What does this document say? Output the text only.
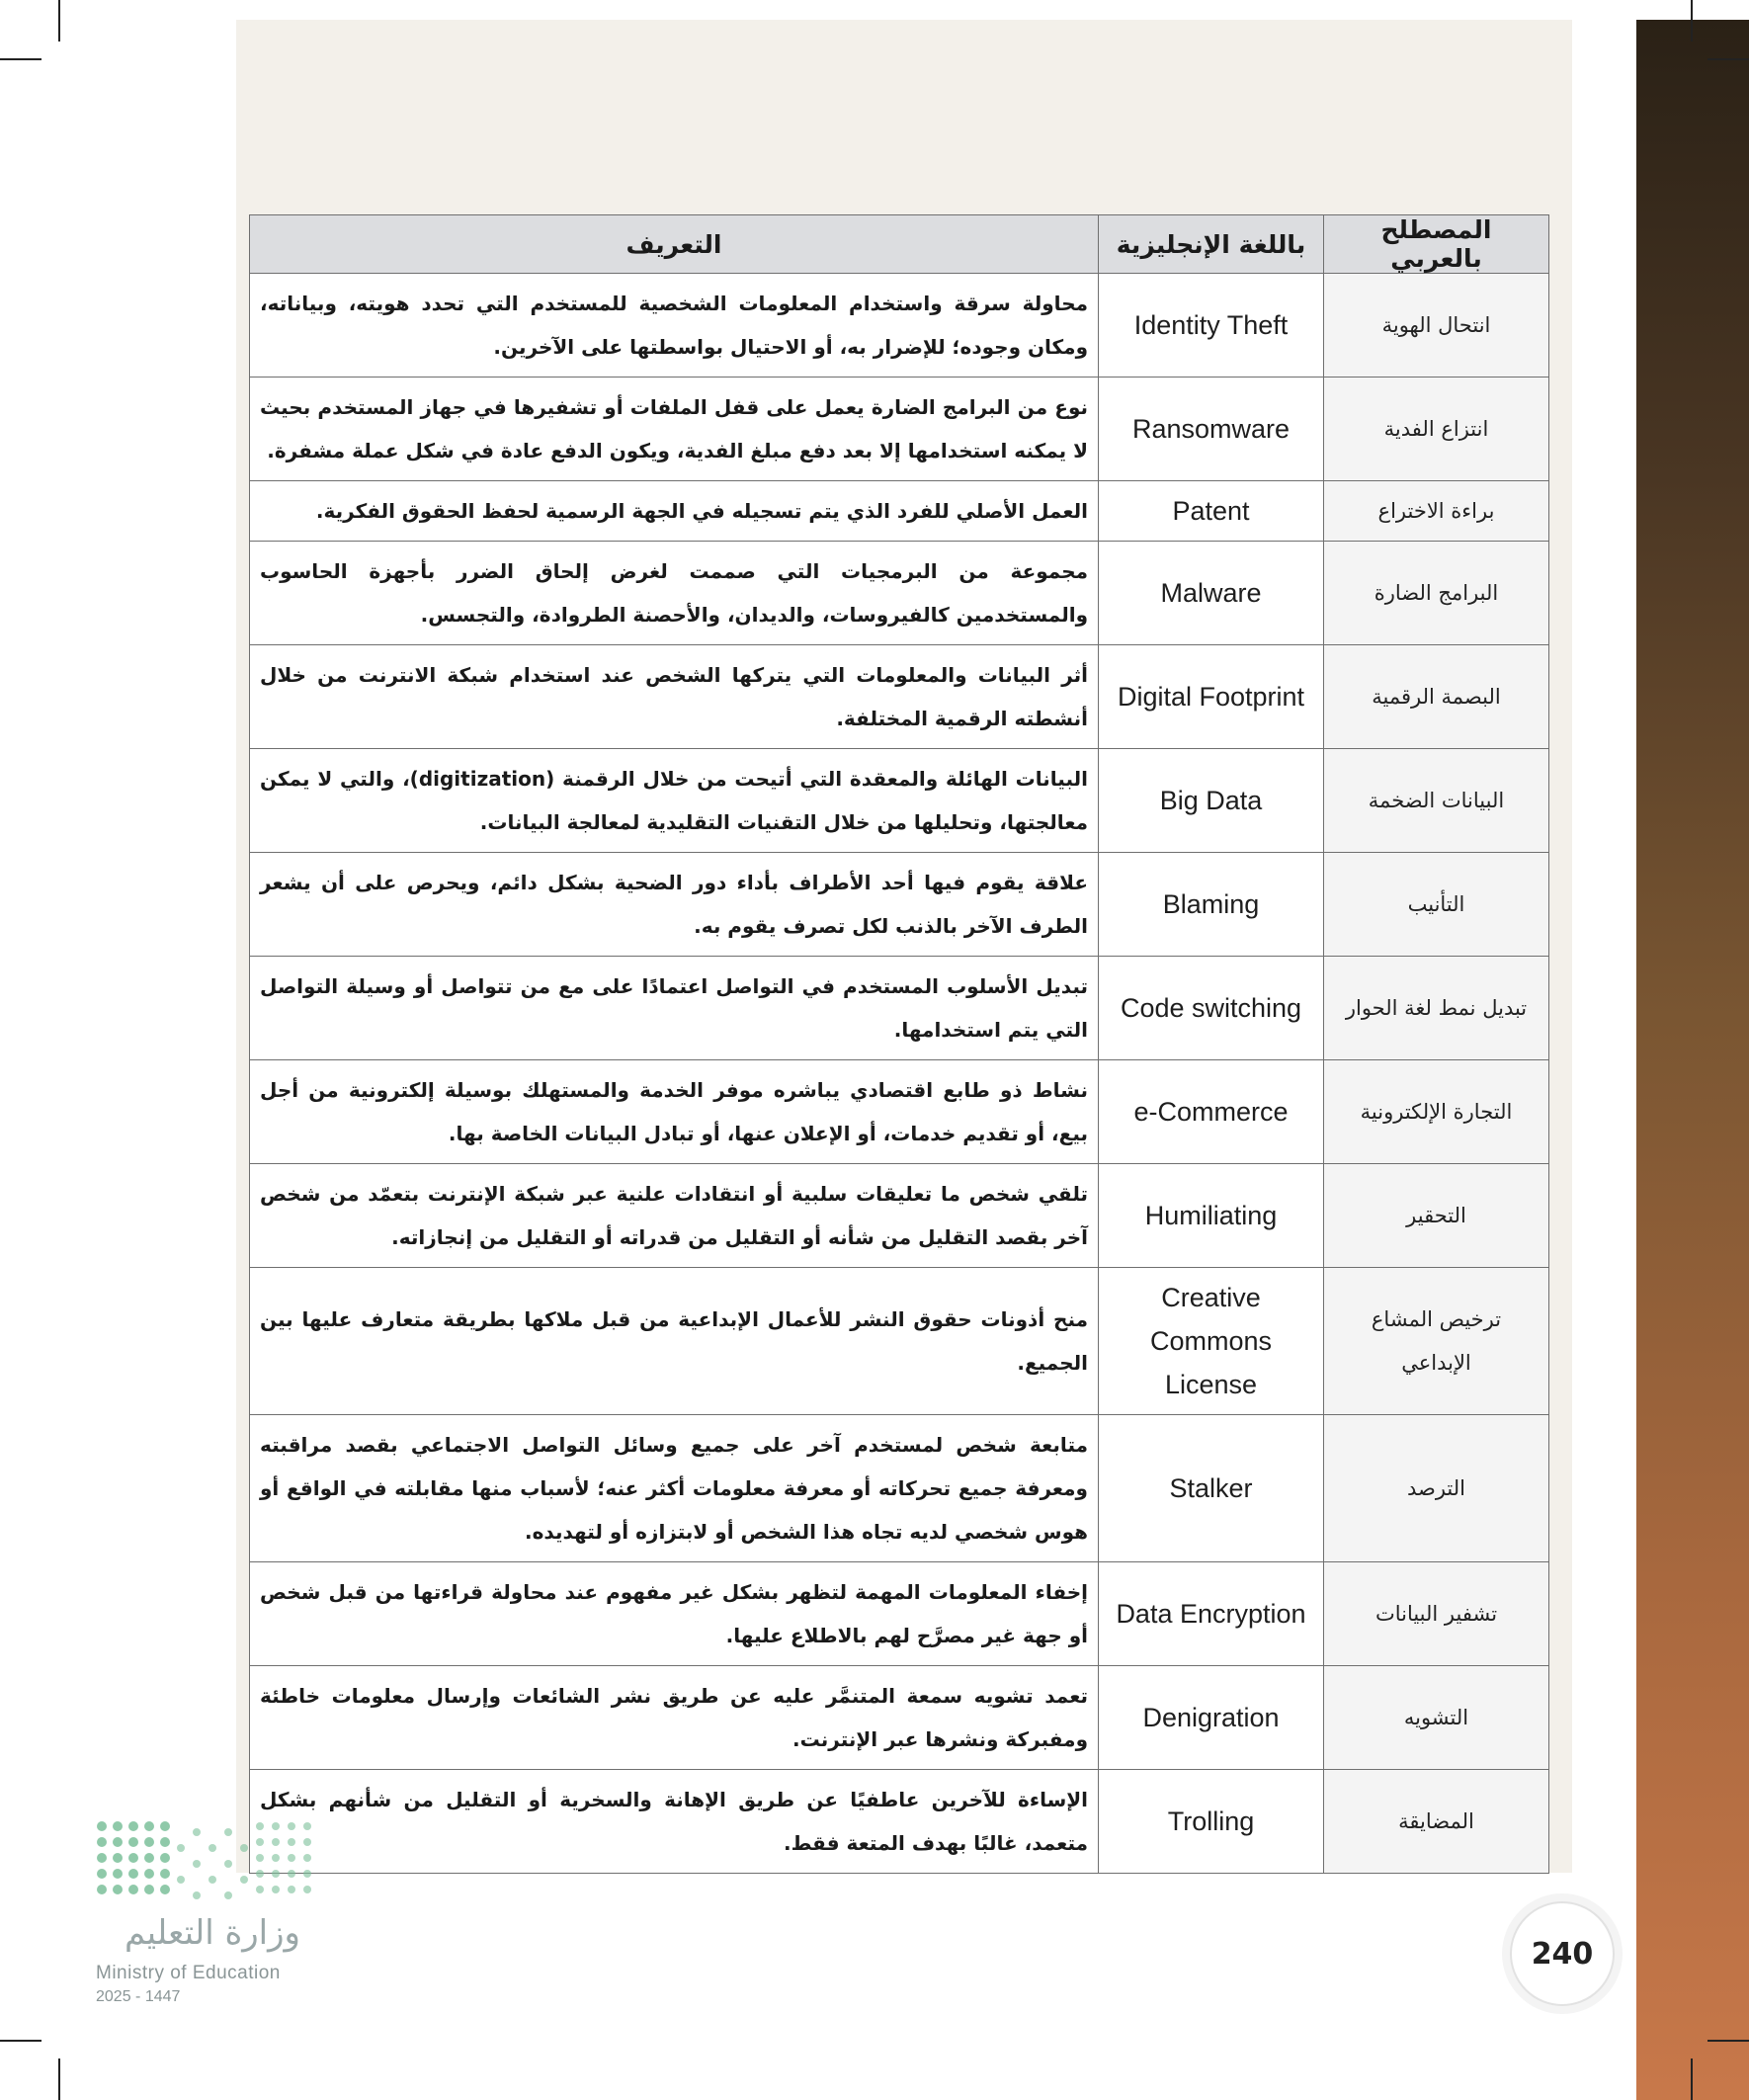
المصطلح بالعربي	باللغة الإنجليزية	التعريف
انتحال الهوية	Identity Theft	محاولة سرقة واستخدام المعلومات الشخصية للمستخدم التي تحدد هويته، وبياناته، ومكان وجوده؛ للإضرار به، أو الاحتيال بواسطتها على الآخرين.
انتزاع الفدية	Ransomware	نوع من البرامج الضارة يعمل على قفل الملفات أو تشفيرها في جهاز المستخدم بحيث لا يمكنه استخدامها إلا بعد دفع مبلغ الفدية، ويكون الدفع عادة في شكل عملة مشفرة.
براءة الاختراع	Patent	العمل الأصلي للفرد الذي يتم تسجيله في الجهة الرسمية لحفظ الحقوق الفكرية.
البرامج الضارة	Malware	مجموعة من البرمجيات التي صممت لغرض إلحاق الضرر بأجهزة الحاسوب والمستخدمين كالفيروسات، والديدان، والأحصنة الطروادة، والتجسس.
البصمة الرقمية	Digital Footprint	أثر البيانات والمعلومات التي يتركها الشخص عند استخدام شبكة الانترنت من خلال أنشطته الرقمية المختلفة.
البيانات الضخمة	Big Data	البيانات الهائلة والمعقدة التي أتيحت من خلال الرقمنة (digitization)، والتي لا يمكن معالجتها، وتحليلها من خلال التقنيات التقليدية لمعالجة البيانات.
التأنيب	Blaming	علاقة يقوم فيها أحد الأطراف بأداء دور الضحية بشكل دائم، ويحرص على أن يشعر الطرف الآخر بالذنب لكل تصرف يقوم به.
تبديل نمط لغة الحوار	Code switching	تبديل الأسلوب المستخدم في التواصل اعتمادًا على مع من تتواصل أو وسيلة التواصل التي يتم استخدامها.
التجارة الإلكترونية	e-Commerce	نشاط ذو طابع اقتصادي يباشره موفر الخدمة والمستهلك بوسيلة إلكترونية من أجل بيع، أو تقديم خدمات، أو الإعلان عنها، أو تبادل البيانات الخاصة بها.
التحقير	Humiliating	تلقي شخص ما تعليقات سلبية أو انتقادات علنية عبر شبكة الإنترنت بتعمّد من شخص آخر بقصد التقليل من شأنه أو التقليل من قدراته أو التقليل من إنجازاته.
ترخيص المشاع الإبداعي	Creative Commons License	منح أذونات حقوق النشر للأعمال الإبداعية من قبل ملاكها بطريقة متعارف عليها بين الجميع.
الترصد	Stalker	متابعة شخص لمستخدم آخر على جميع وسائل التواصل الاجتماعي بقصد مراقبته ومعرفة جميع تحركاته أو معرفة معلومات أكثر عنه؛ لأسباب منها مقابلته في الواقع أو هوس شخصي لديه تجاه هذا الشخص أو لابتزازه أو لتهديده.
تشفير البيانات	Data Encryption	إخفاء المعلومات المهمة لتظهر بشكل غير مفهوم عند محاولة قراءتها من قبل شخص أو جهة غير مصرَّح لهم بالاطلاع عليها.
التشويه	Denigration	تعمد تشويه سمعة المتنمَّر عليه عن طريق نشر الشائعات وإرسال معلومات خاطئة ومفبركة ونشرها عبر الإنترنت.
المضايقة	Trolling	الإساءة للآخرين عاطفيًا عن طريق الإهانة والسخرية أو التقليل من شأنهم بشكل متعمد، غالبًا بهدف المتعة فقط.
240
وزارة التعليم
Ministry of Education
2025 - 1447
